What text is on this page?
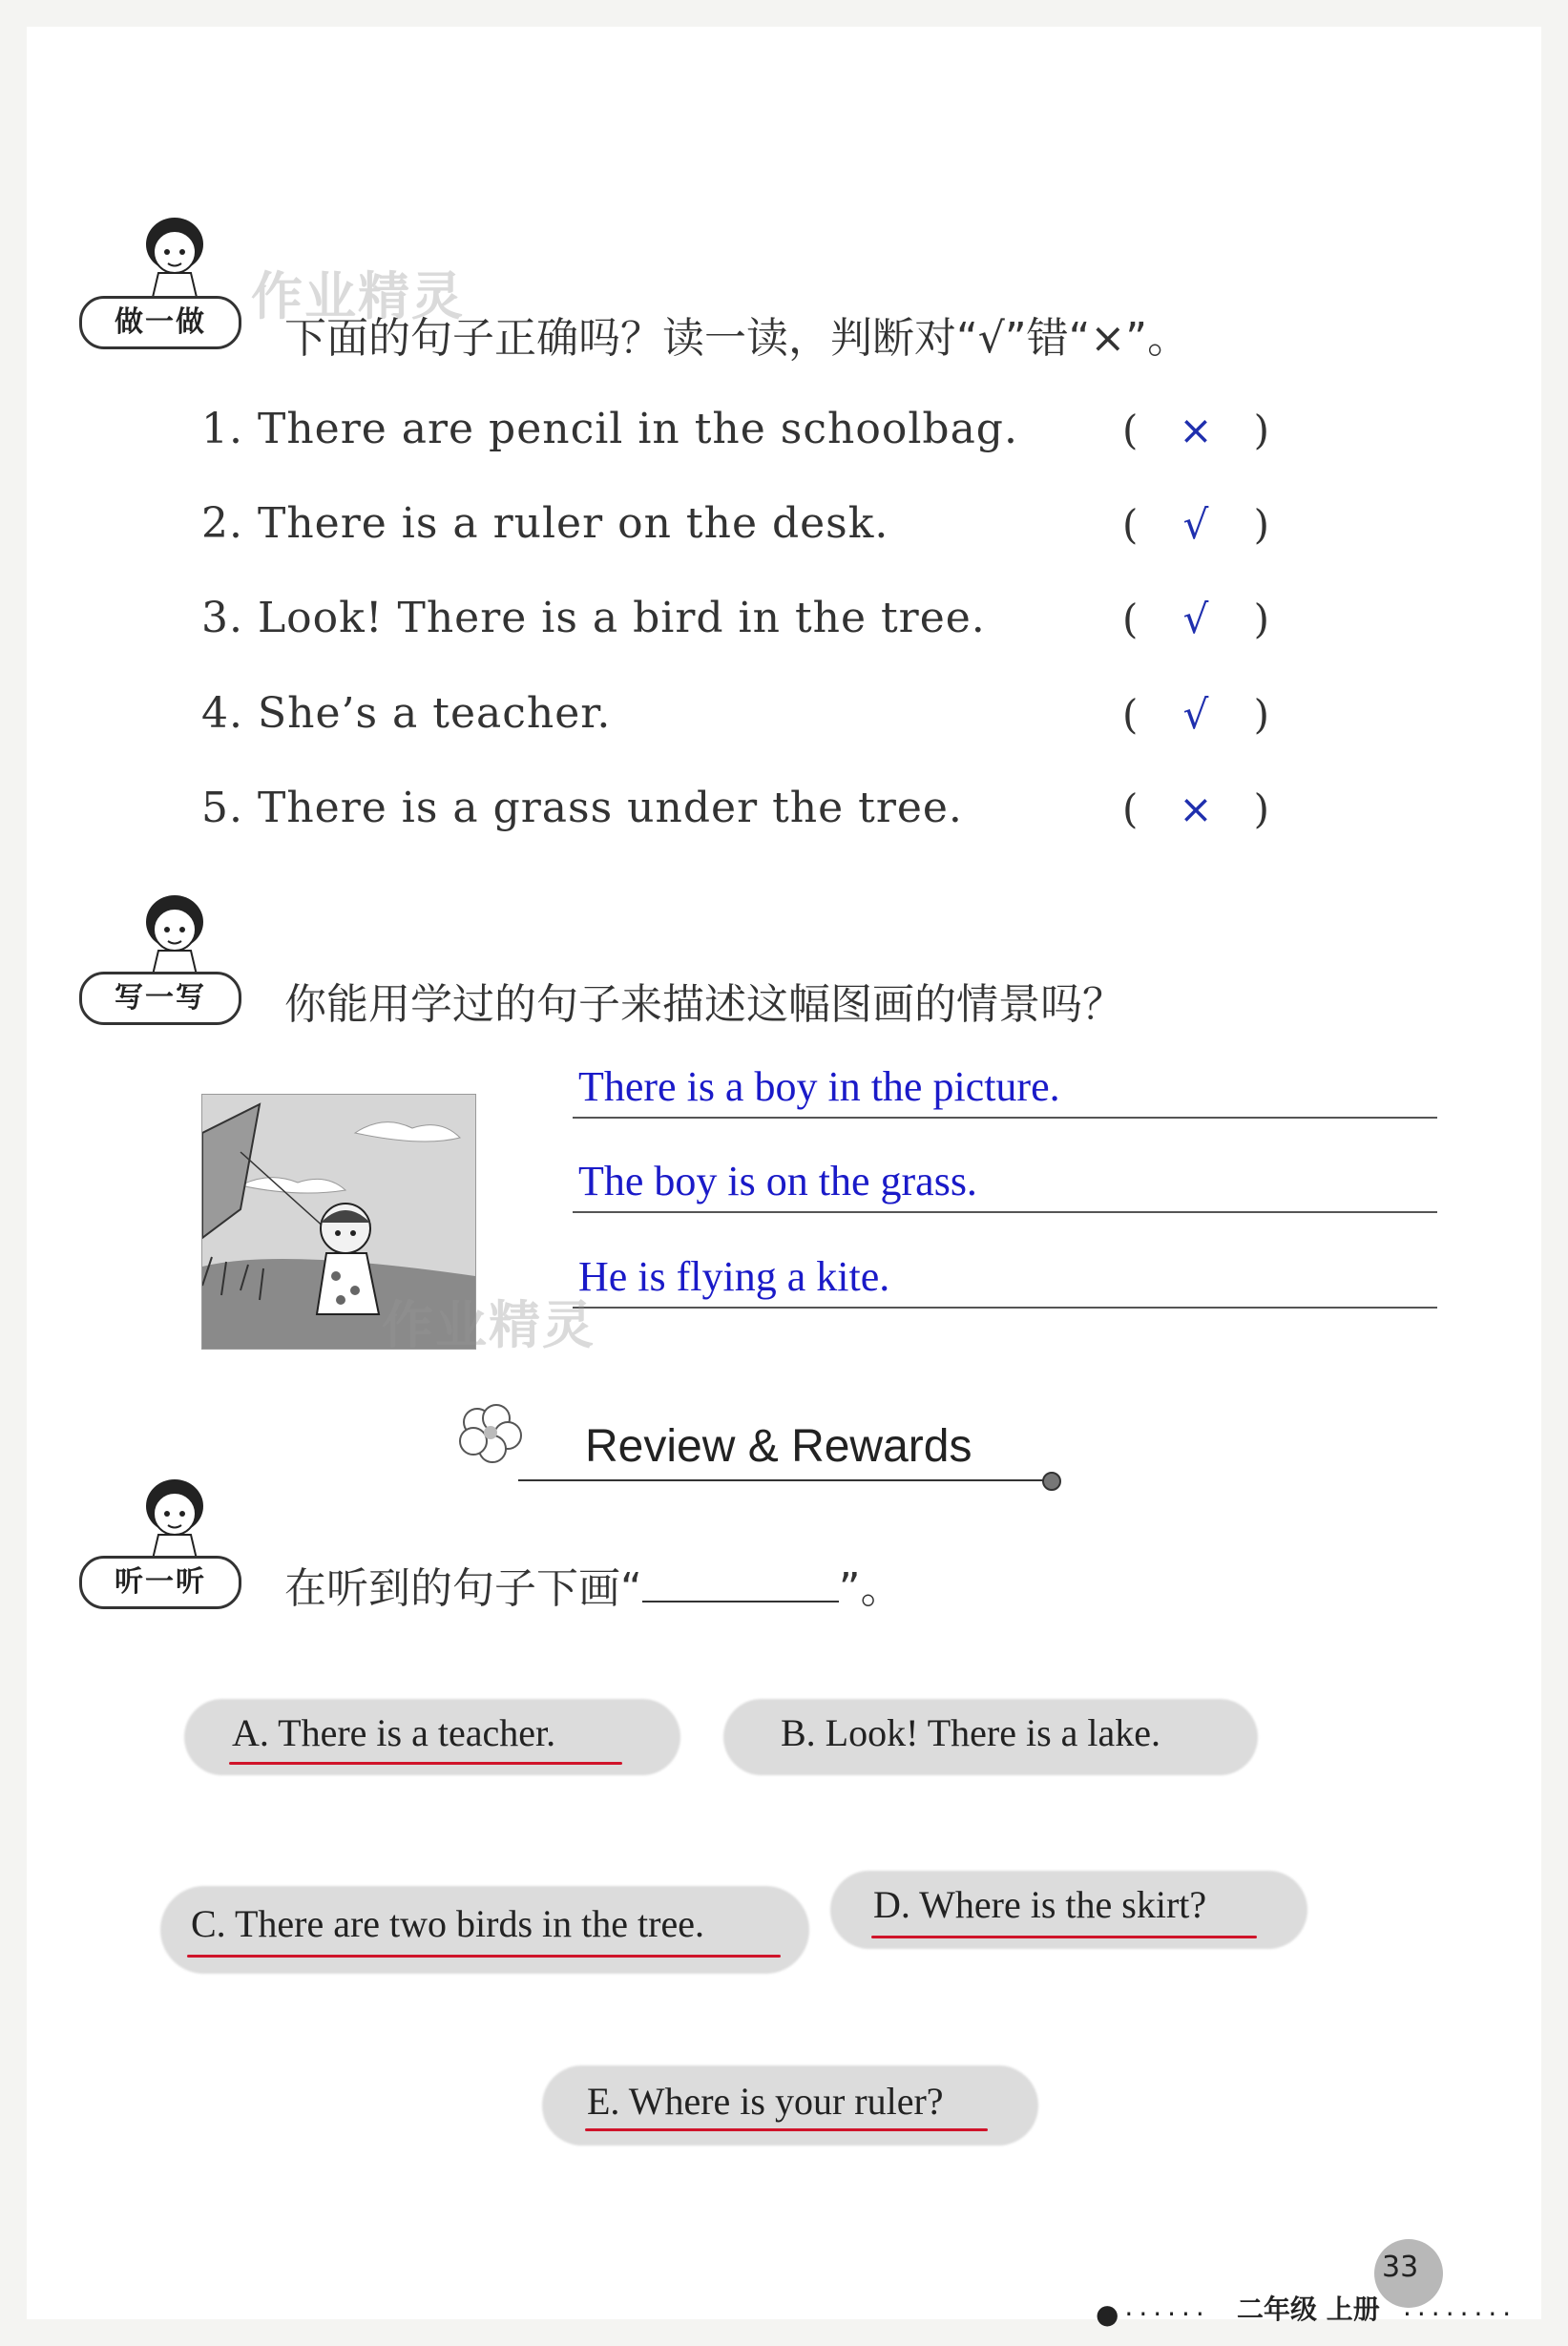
做一做	下面的句子正确吗？读一读，判断对“√”错“×”。
作业精灵
1. There are pencil in the schoolbag.	(	×	)
2. There is a ruler on the desk.	(	√	)
3. Look! There is a bird in the tree.	(	√	)
4. She’s a teacher.	(	√	)
5. There is a grass under the tree.	(	×	)
写一写	你能用学过的句子来描述这幅图画的情景吗？
There is a boy in the picture.
The boy is on the grass.
He is flying a kite.
作业精灵
Review & Rewards
听一听	在听到的句子下画“	”。
A. There is a teacher.	B. Look! There is a lake.
C. There are two birds in the tree.	D. Where is the skirt?
E. Where is your ruler?
33
●······ 二年级 上册 ········
